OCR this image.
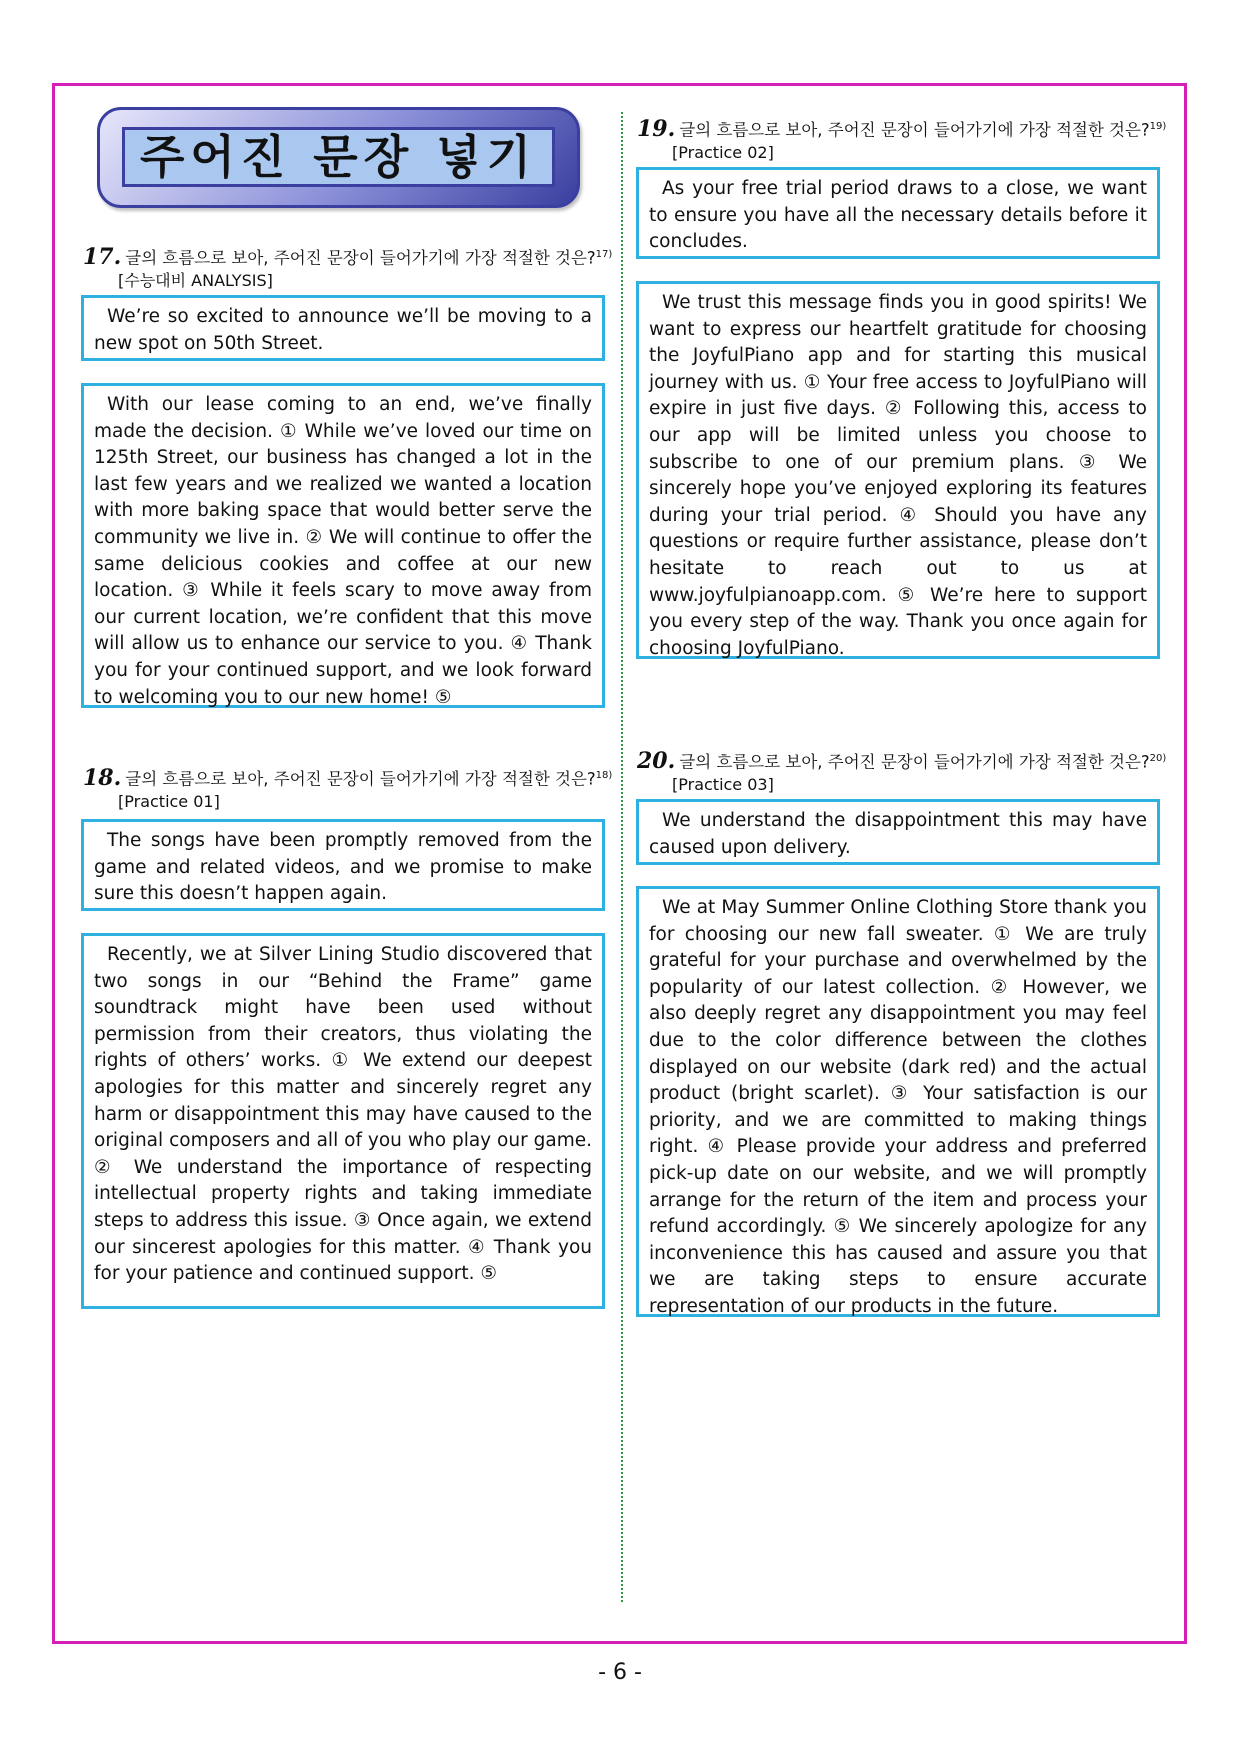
주어진 문장 넣기
17. 글의 흐름으로 보아, 주어진 문장이 들어가기에 가장 적절한 것은?$^{17)}$
[수능대비 ANALYSIS]
We’re so excited to announce we’ll be moving to a new spot on 50th Street.
With our lease coming to an end, we’ve finally made the decision. ① While we’ve loved our time on 125th Street, our business has changed a lot in the last few years and we realized we wanted a location with more baking space that would better serve the community we live in. ② We will continue to offer the same delicious cookies and coffee at our new location. ③ While it feels scary to move away from our current location, we’re confident that this move will allow us to enhance our service to you. ④ Thank you for your continued support, and we look forward to welcoming you to our new home! ⑤
18. 글의 흐름으로 보아, 주어진 문장이 들어가기에 가장 적절한 것은?$^{18)}$
[Practice 01]
The songs have been promptly removed from the game and related videos, and we promise to make sure this doesn’t happen again.
Recently, we at Silver Lining Studio discovered that two songs in our “Behind the Frame” game soundtrack might have been used without permission from their creators, thus violating the rights of others’ works. ① We extend our deepest apologies for this matter and sincerely regret any harm or disappointment this may have caused to the original composers and all of you who play our game. ② We understand the importance of respecting intellectual property rights and taking immediate steps to address this issue. ③ Once again, we extend our sincerest apologies for this matter. ④ Thank you for your patience and continued support. ⑤
19. 글의 흐름으로 보아, 주어진 문장이 들어가기에 가장 적절한 것은?$^{19)}$
[Practice 02]
As your free trial period draws to a close, we want to ensure you have all the necessary details before it concludes.
We trust this message finds you in good spirits! We want to express our heartfelt gratitude for choosing the JoyfulPiano app and for starting this musical journey with us. ① Your free access to JoyfulPiano will expire in just five days. ② Following this, access to our app will be limited unless you choose to subscribe to one of our premium plans. ③ We sincerely hope you’ve enjoyed exploring its features during your trial period. ④ Should you have any questions or require further assistance, please don’t hesitate to reach out to us at www.joyfulpianoapp.com. ⑤ We’re here to support you every step of the way. Thank you once again for choosing JoyfulPiano.
20. 글의 흐름으로 보아, 주어진 문장이 들어가기에 가장 적절한 것은?$^{20)}$
[Practice 03]
We understand the disappointment this may have caused upon delivery.
We at May Summer Online Clothing Store thank you for choosing our new fall sweater. ① We are truly grateful for your purchase and overwhelmed by the popularity of our latest collection. ② However, we also deeply regret any disappointment you may feel due to the color difference between the clothes displayed on our website (dark red) and the actual product (bright scarlet). ③ Your satisfaction is our priority, and we are committed to making things right. ④ Please provide your address and preferred pick-up date on our website, and we will promptly arrange for the return of the item and process your refund accordingly. ⑤ We sincerely apologize for any inconvenience this has caused and assure you that we are taking steps to ensure accurate representation of our products in the future.
- 6 -
